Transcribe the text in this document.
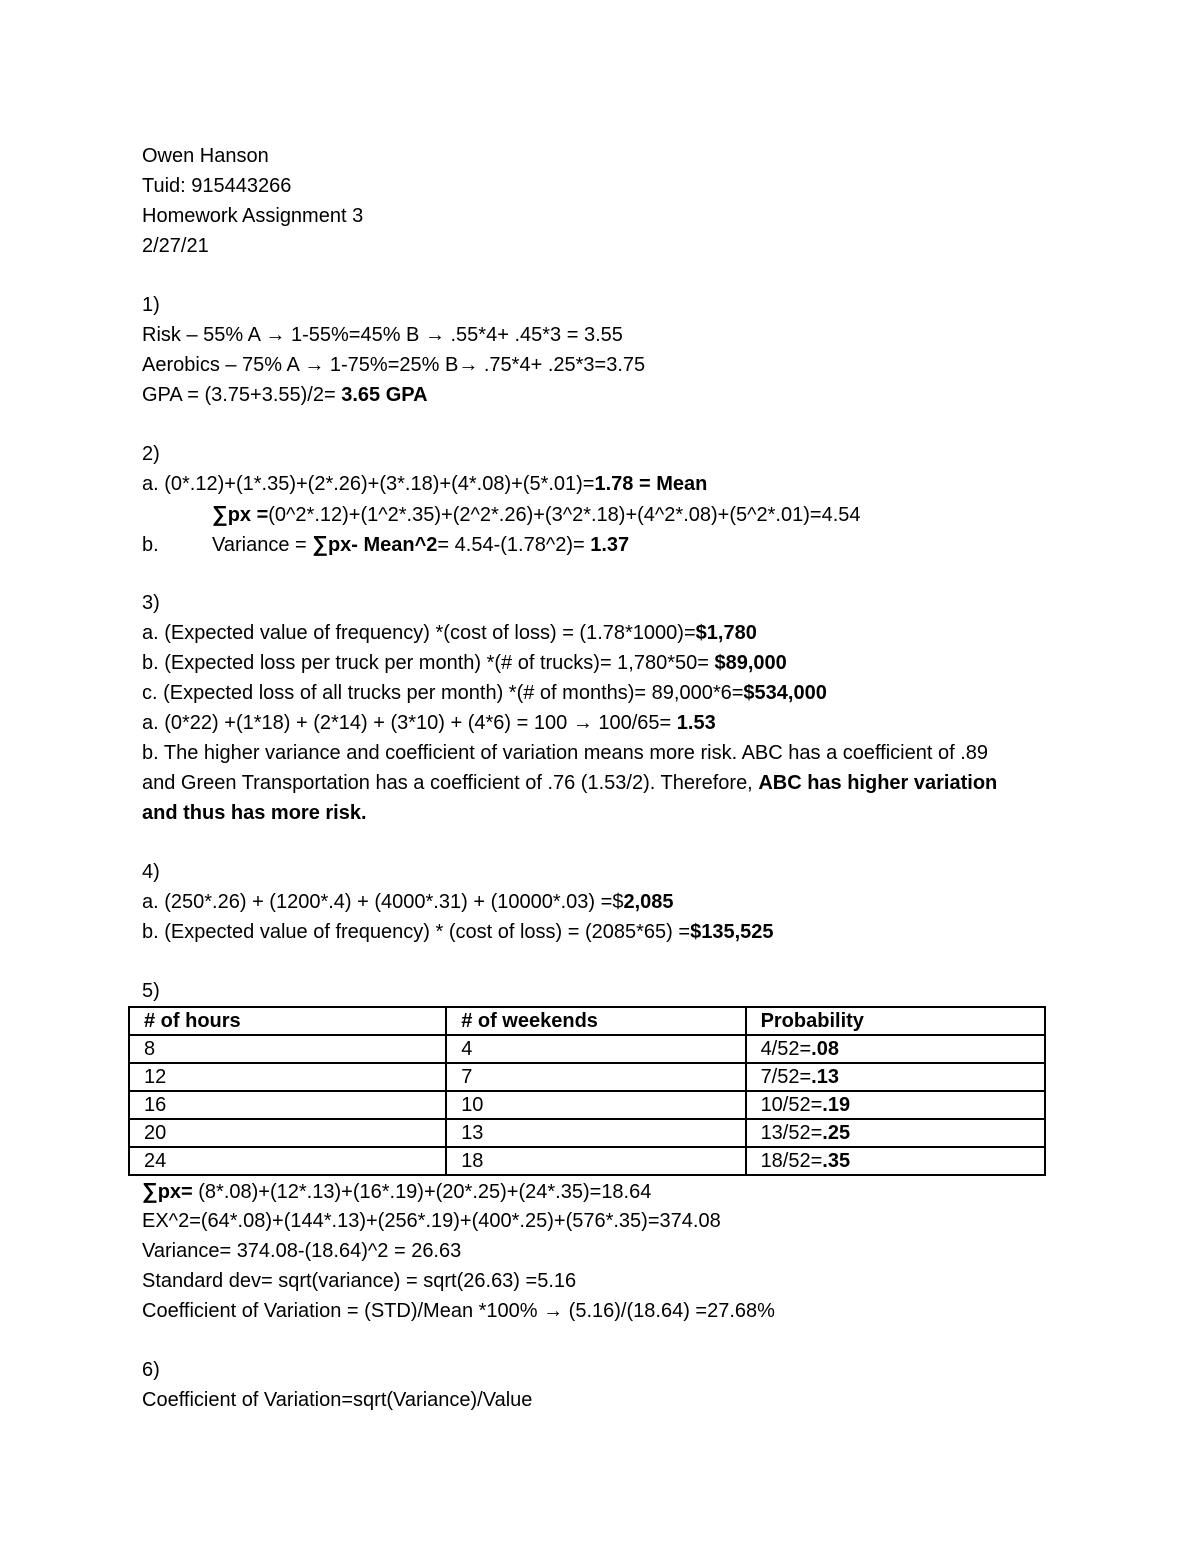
Owen Hanson
Tuid: 915443266
Homework Assignment 3
2/27/21
1)
Risk – 55% A → 1-55%=45% B → .55*4+ .45*3 = 3.55
Aerobics – 75% A → 1-75%=25% B→ .75*4+ .25*3=3.75
GPA = (3.75+3.55)/2= 3.65 GPA
2)
a. (0*.12)+(1*.35)+(2*.26)+(3*.18)+(4*.08)+(5*.01)=1.78 = Mean
∑px =(0^2*.12)+(1^2*.35)+(2^2*.26)+(3^2*.18)+(4^2*.08)+(5^2*.01)=4.54
b.	Variance = ∑px- Mean^2= 4.54-(1.78^2)= 1.37
3)
a. (Expected value of frequency) *(cost of loss) = (1.78*1000)=$1,780
b. (Expected loss per truck per month) *(# of trucks)= 1,780*50= $89,000
c. (Expected loss of all trucks per month) *(# of months)= 89,000*6=$534,000
a. (0*22) +(1*18) + (2*14) + (3*10) + (4*6) = 100 → 100/65= 1.53
b. The higher variance and coefficient of variation means more risk. ABC has a coefficient of .89
and Green Transportation has a coefficient of .76 (1.53/2). Therefore, ABC has higher variation
and thus has more risk.
4)
a. (250*.26) + (1200*.4) + (4000*.31) + (10000*.03) =$2,085
b. (Expected value of frequency) * (cost of loss) = (2085*65) =$135,525
5)
# of hours	# of weekends	Probability
8	4	4/52=.08
12	7	7/52=.13
16	10	10/52=.19
20	13	13/52=.25
24	18	18/52=.35
∑px= (8*.08)+(12*.13)+(16*.19)+(20*.25)+(24*.35)=18.64
EX^2=(64*.08)+(144*.13)+(256*.19)+(400*.25)+(576*.35)=374.08
Variance= 374.08-(18.64)^2 = 26.63
Standard dev= sqrt(variance) = sqrt(26.63) =5.16
Coefficient of Variation = (STD)/Mean *100% → (5.16)/(18.64) =27.68%
6)
Coefficient of Variation=sqrt(Variance)/Value
